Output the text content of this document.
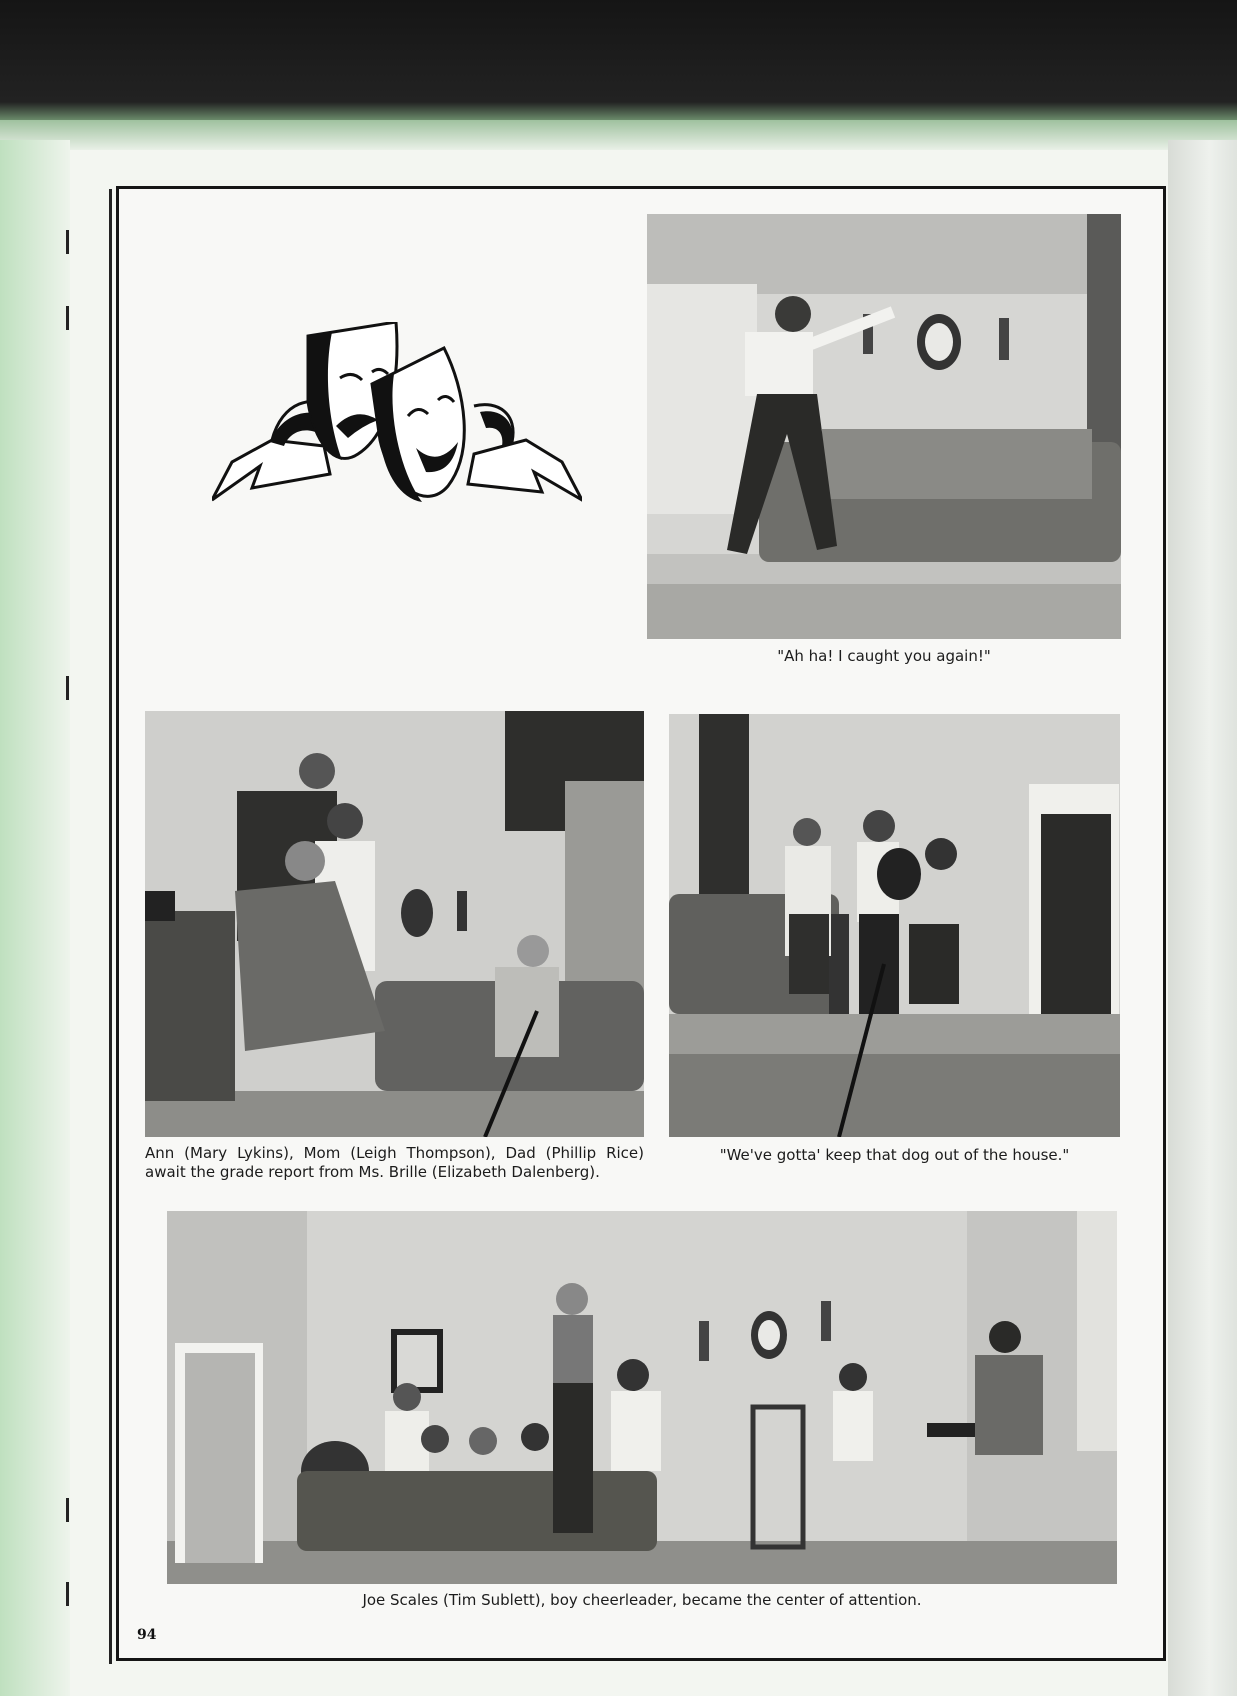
"Ah ha! I caught you again!"
Ann (Mary Lykins), Mom (Leigh Thompson), Dad (Phillip Rice) await the grade report from Ms. Brille (Elizabeth Dalenberg).
"We've gotta' keep that dog out of the house."
Joe Scales (Tim Sublett), boy cheerleader, became the center of attention.
94
